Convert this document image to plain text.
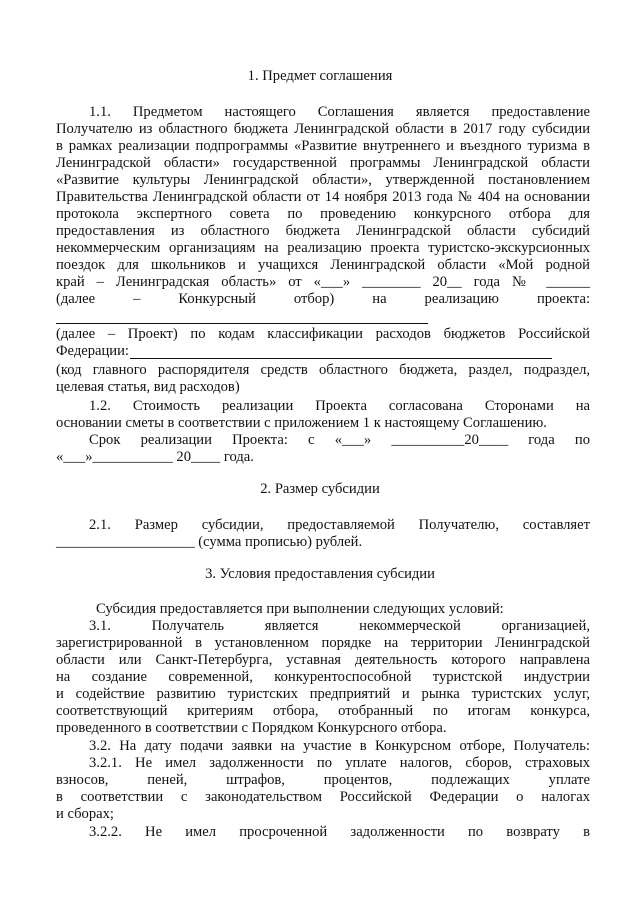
1. Предмет соглашения
1.1. Предметом настоящего Соглашения является предоставление
Получателю из областного бюджета Ленинградской области в 2017 году субсидии
в рамках реализации подпрограммы «Развитие внутреннего и въездного туризма в
Ленинградской области» государственной программы Ленинградской области
«Развитие культуры Ленинградской области», утвержденной постановлением
Правительства Ленинградской области от 14 ноября 2013 года № 404 на основании
протокола экспертного совета по проведению конкурсного отбора для
предоставления из областного бюджета Ленинградской области субсидий
некоммерческим организациям на реализацию проекта туристско-экскурсионных
поездок для школьников и учащихся Ленинградской области «Мой родной
край – Ленинградская область» от «___» ________ 20__ года № ______
(далее – Конкурсный отбор) на реализацию проекта:
(далее – Проект) по кодам классификации расходов бюджетов Российской
Федерации:
(код главного распорядителя средств областного бюджета, раздел, подраздел,
целевая статья, вид расходов)
1.2. Стоимость реализации Проекта согласована Сторонами на
основании сметы в соответствии с приложением 1 к настоящему Соглашению.
Срок реализации Проекта: с «___» __________20____ года по
«___»___________ 20____ года.
2. Размер субсидии
2.1. Размер субсидии, предоставляемой Получателю, составляет
___________________ (сумма прописью) рублей.
3. Условия предоставления субсидии
Субсидия предоставляется при выполнении следующих условий:
3.1. Получатель является некоммерческой организацией,
зарегистрированной в установленном порядке на территории Ленинградской
области или Санкт-Петербурга, уставная деятельность которого направлена
на создание современной, конкурентоспособной туристской индустрии
и содействие развитию туристских предприятий и рынка туристских услуг,
соответствующий критериям отбора, отобранный по итогам конкурса,
проведенного в соответствии с Порядком Конкурсного отбора.
3.2. На дату подачи заявки на участие в Конкурсном отборе, Получатель:
3.2.1. Не имел задолженности по уплате налогов, сборов, страховых
взносов, пеней, штрафов, процентов, подлежащих уплате
в соответствии с законодательством Российской Федерации о налогах
и сборах;
3.2.2. Не имел просроченной задолженности по возврату в
